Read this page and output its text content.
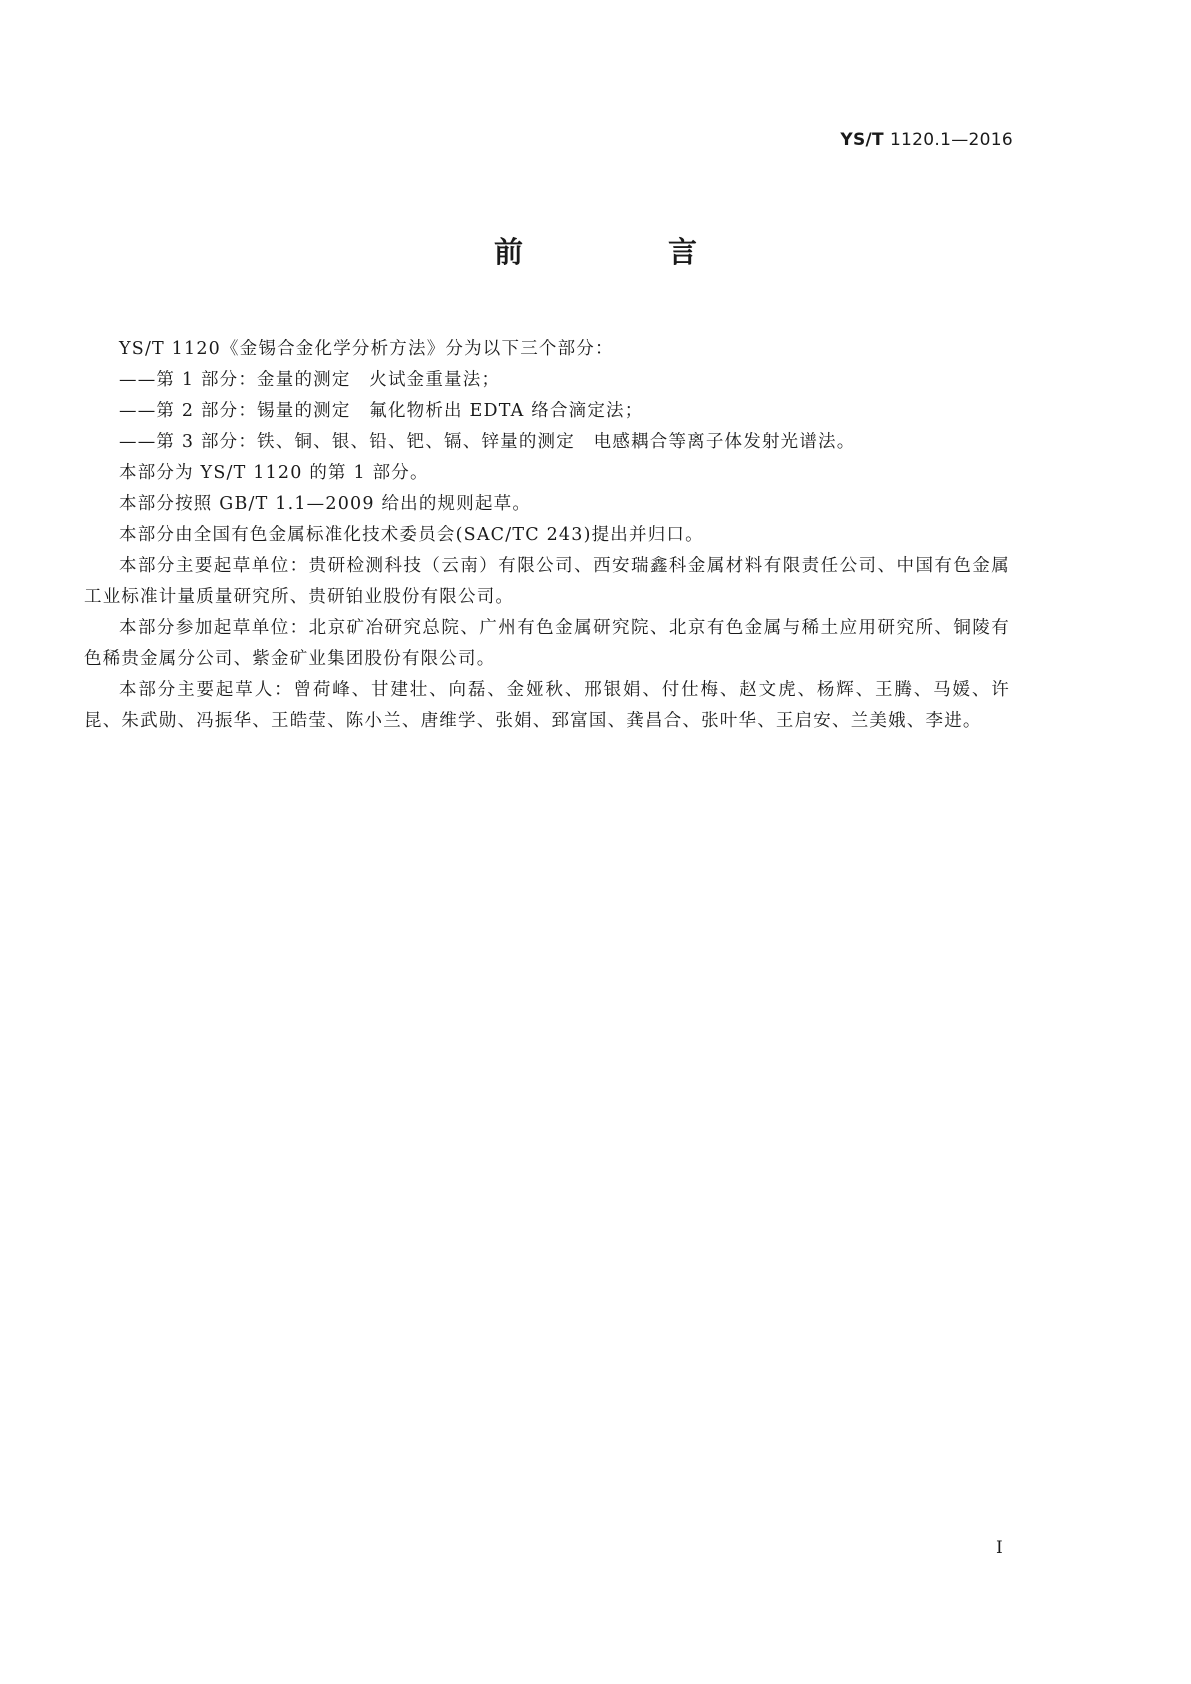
YS/T 1120.1—2016
前　言

YS/T 1120《金锡合金化学分析方法》分为以下三个部分：

——第 1 部分：金量的测定　火试金重量法；

——第 2 部分：锡量的测定　氟化物析出 EDTA 络合滴定法；

——第 3 部分：铁、铜、银、铅、钯、镉、锌量的测定　电感耦合等离子体发射光谱法。

本部分为 YS/T 1120 的第 1 部分。

本部分按照 GB/T 1.1—2009 给出的规则起草。

本部分由全国有色金属标准化技术委员会(SAC/TC 243)提出并归口。

本部分主要起草单位：贵研检测科技（云南）有限公司、西安瑞鑫科金属材料有限责任公司、中国有色金属工业标准计量质量研究所、贵研铂业股份有限公司。

本部分参加起草单位：北京矿冶研究总院、广州有色金属研究院、北京有色金属与稀土应用研究所、铜陵有色稀贵金属分公司、紫金矿业集团股份有限公司。

本部分主要起草人：曾荷峰、甘建壮、向磊、金娅秋、邢银娟、付仕梅、赵文虎、杨辉、王腾、马媛、许昆、朱武勋、冯振华、王皓莹、陈小兰、唐维学、张娟、郅富国、龚昌合、张叶华、王启安、兰美娥、李进。

Ⅰ
